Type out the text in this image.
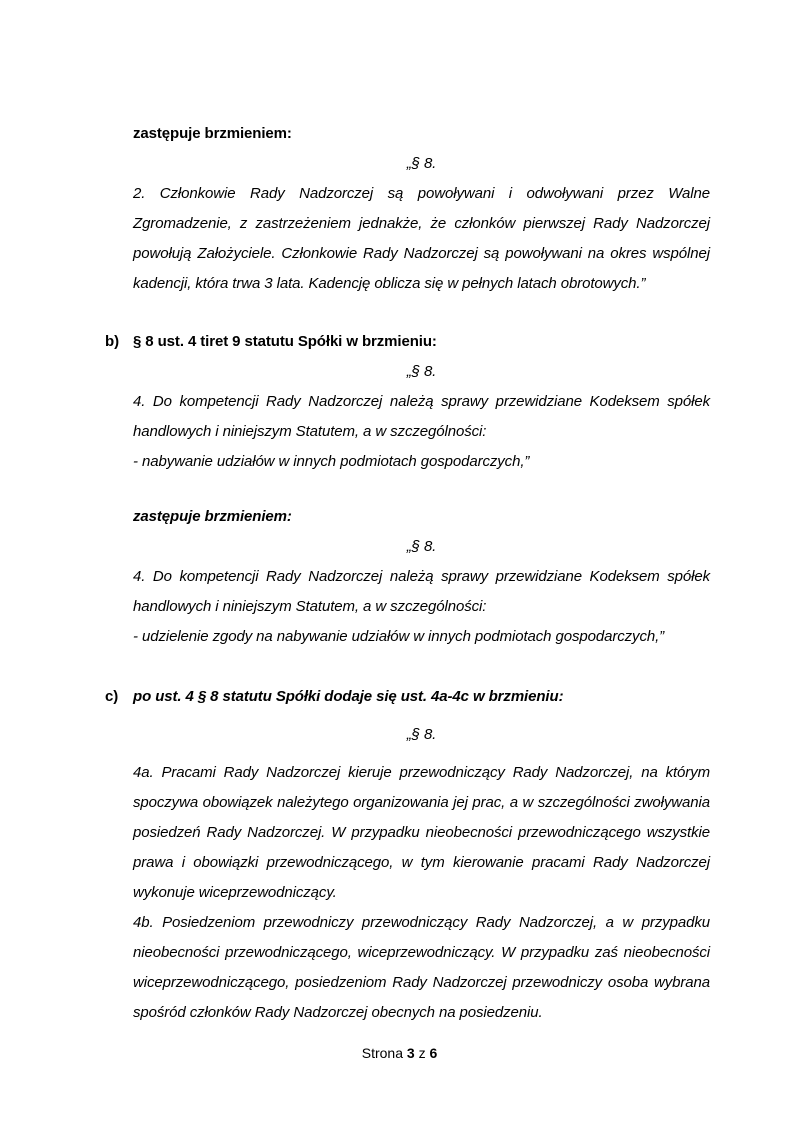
zastępuje brzmieniem:
„§ 8.
2. Członkowie Rady Nadzorczej są powoływani i odwoływani przez Walne Zgromadzenie, z zastrzeżeniem jednakże, że członków pierwszej Rady Nadzorczej powołują Założyciele. Członkowie Rady Nadzorczej są powoływani na okres wspólnej kadencji, która trwa 3 lata. Kadencję oblicza się w pełnych latach obrotowych.”
b) § 8 ust. 4 tiret 9 statutu Spółki w brzmieniu:
„§ 8.
4. Do kompetencji Rady Nadzorczej należą sprawy przewidziane Kodeksem spółek handlowych i niniejszym Statutem, a w szczególności:
- nabywanie udziałów w innych podmiotach gospodarczych,”
zastępuje brzmieniem:
„§ 8.
4. Do kompetencji Rady Nadzorczej należą sprawy przewidziane Kodeksem spółek handlowych i niniejszym Statutem, a w szczególności:
- udzielenie zgody na nabywanie udziałów w innych podmiotach gospodarczych,”
c) po ust. 4 § 8 statutu Spółki dodaje się ust. 4a-4c w brzmieniu:
„§ 8.
4a. Pracami Rady Nadzorczej kieruje przewodniczący Rady Nadzorczej, na którym spoczywa obowiązek należytego organizowania jej prac, a w szczególności zwoływania posiedzeń Rady Nadzorczej. W przypadku nieobecności przewodniczącego wszystkie prawa i obowiązki przewodniczącego, w tym kierowanie pracami Rady Nadzorczej wykonuje wiceprzewodniczący.
4b. Posiedzeniom przewodniczy przewodniczący Rady Nadzorczej, a w przypadku nieobecności przewodniczącego, wiceprzewodniczący. W przypadku zaś nieobecności wiceprzewodniczącego, posiedzeniom Rady Nadzorczej przewodniczy osoba wybrana spośród członków Rady Nadzorczej obecnych na posiedzeniu.
Strona 3 z 6
